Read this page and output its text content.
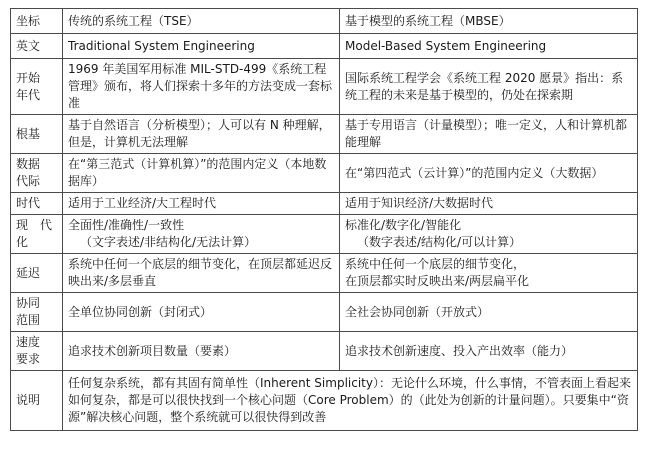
坐标	传统的系统工程（TSE）	基于模型的系统工程（MBSE）

英文	Traditional System Engineering	Model-Based System Engineering

开始
年代	1969 年美国军用标准 MIL-STD-499《系统工程管理》颁布，将人们探索十多年的方法变成一套标准	国际系统工程学会《系统工程 2020 愿景》指出：系统工程的未来是基于模型的，仍处在探索期

根基	基于自然语言（分析模型）；人可以有 N 种理解，但是，计算机无法理解	基于专用语言（计量模型）；唯一定义，人和计算机都能理解

数据
代际	在“第三范式（计算机算）”的范围内定义（本地数据库）	在“第四范式（云计算）”的范围内定义（大数据）

时代	适用于工业经济/大工程时代	适用于知识经济/大数据时代

现　代
化	全面性/准确性/一致性
（文字表述/非结构化/无法计算）	标准化/数字化/智能化
（数字表述/结构化/可以计算）

延迟	系统中任何一个底层的细节变化，在顶层都延迟反映出来/多层垂直	系统中任何一个底层的细节变化，
在顶层都实时反映出来/两层扁平化

协同
范围	全单位协同创新（封闭式）	全社会协同创新（开放式）

速度
要求	追求技术创新项目数量（要素）	追求技术创新速度、投入产出效率（能力）

说明	任何复杂系统，都有其固有简单性（Inherent Simplicity）：无论什么环境，什么事情，不管表面上看起来如何复杂，都是可以很快找到一个核心问题（Core Problem）的（此处为创新的计量问题）。只要集中“资源”解决核心问题，整个系统就可以很快得到改善	
